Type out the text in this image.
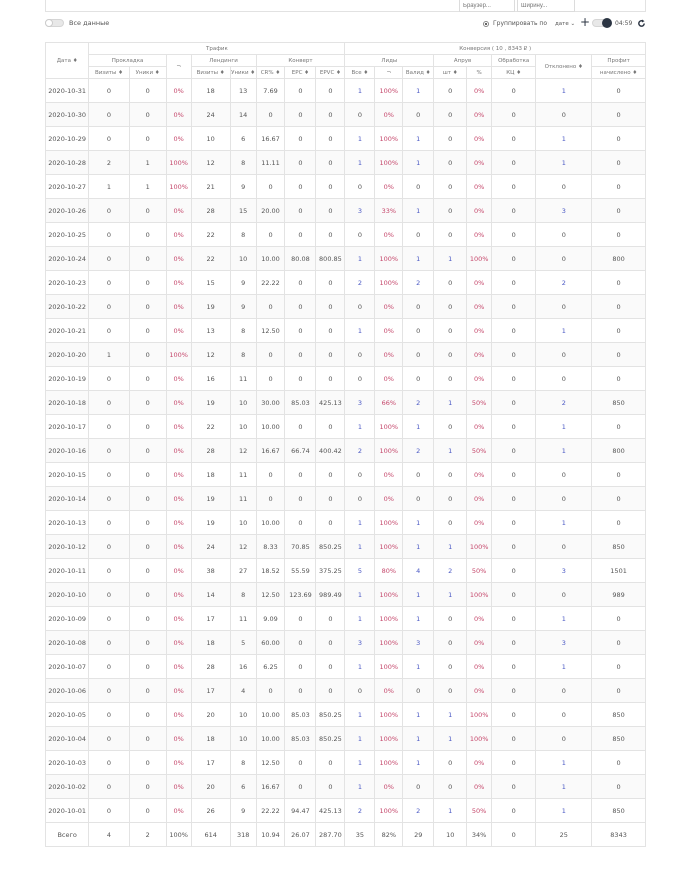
Браузер...
Ширину...
Все данные	Группировать по дате ⌄ +	04:59
Дата ♦	Трафик								Конверсия ( 10 , 8343 ₽ )							
	Прокладка		¬	Лендинги		Конверт			Лиды			Апрув		Обработка	Отклонено ♦	Профит
	Визиты ♦	Уники ♦		Визиты ♦	Уники ♦	CR% ♦	EPC ♦	EPVC ♦	Все ♦	¬	Валид ♦	шт ♦	%	КЦ ♦		начислено ♦
2020-10-31	0	0	0%	18	13	7.69	0	0	1	100%	1	0	0%	0	1	0
2020-10-30	0	0	0%	24	14	0	0	0	0	0%	0	0	0%	0	0	0
2020-10-29	0	0	0%	10	6	16.67	0	0	1	100%	1	0	0%	0	1	0
2020-10-28	2	1	100%	12	8	11.11	0	0	1	100%	1	0	0%	0	1	0
2020-10-27	1	1	100%	21	9	0	0	0	0	0%	0	0	0%	0	0	0
2020-10-26	0	0	0%	28	15	20.00	0	0	3	33%	1	0	0%	0	3	0
2020-10-25	0	0	0%	22	8	0	0	0	0	0%	0	0	0%	0	0	0
2020-10-24	0	0	0%	22	10	10.00	80.08	800.85	1	100%	1	1	100%	0	0	800
2020-10-23	0	0	0%	15	9	22.22	0	0	2	100%	2	0	0%	0	2	0
2020-10-22	0	0	0%	19	9	0	0	0	0	0%	0	0	0%	0	0	0
2020-10-21	0	0	0%	13	8	12.50	0	0	1	0%	0	0	0%	0	1	0
2020-10-20	1	0	100%	12	8	0	0	0	0	0%	0	0	0%	0	0	0
2020-10-19	0	0	0%	16	11	0	0	0	0	0%	0	0	0%	0	0	0
2020-10-18	0	0	0%	19	10	30.00	85.03	425.13	3	66%	2	1	50%	0	2	850
2020-10-17	0	0	0%	22	10	10.00	0	0	1	100%	1	0	0%	0	1	0
2020-10-16	0	0	0%	28	12	16.67	66.74	400.42	2	100%	2	1	50%	0	1	800
2020-10-15	0	0	0%	18	11	0	0	0	0	0%	0	0	0%	0	0	0
2020-10-14	0	0	0%	19	11	0	0	0	0	0%	0	0	0%	0	0	0
2020-10-13	0	0	0%	19	10	10.00	0	0	1	100%	1	0	0%	0	1	0
2020-10-12	0	0	0%	24	12	8.33	70.85	850.25	1	100%	1	1	100%	0	0	850
2020-10-11	0	0	0%	38	27	18.52	55.59	375.25	5	80%	4	2	50%	0	3	1501
2020-10-10	0	0	0%	14	8	12.50	123.69	989.49	1	100%	1	1	100%	0	0	989
2020-10-09	0	0	0%	17	11	9.09	0	0	1	100%	1	0	0%	0	1	0
2020-10-08	0	0	0%	18	5	60.00	0	0	3	100%	3	0	0%	0	3	0
2020-10-07	0	0	0%	28	16	6.25	0	0	1	100%	1	0	0%	0	1	0
2020-10-06	0	0	0%	17	4	0	0	0	0	0%	0	0	0%	0	0	0
2020-10-05	0	0	0%	20	10	10.00	85.03	850.25	1	100%	1	1	100%	0	0	850
2020-10-04	0	0	0%	18	10	10.00	85.03	850.25	1	100%	1	1	100%	0	0	850
2020-10-03	0	0	0%	17	8	12.50	0	0	1	100%	1	0	0%	0	1	0
2020-10-02	0	0	0%	20	6	16.67	0	0	1	0%	0	0	0%	0	1	0
2020-10-01	0	0	0%	26	9	22.22	94.47	425.13	2	100%	2	1	50%	0	1	850
Всего	4	2	100%	614	318	10.94	26.07	287.70	35	82%	29	10	34%	0	25	8343
